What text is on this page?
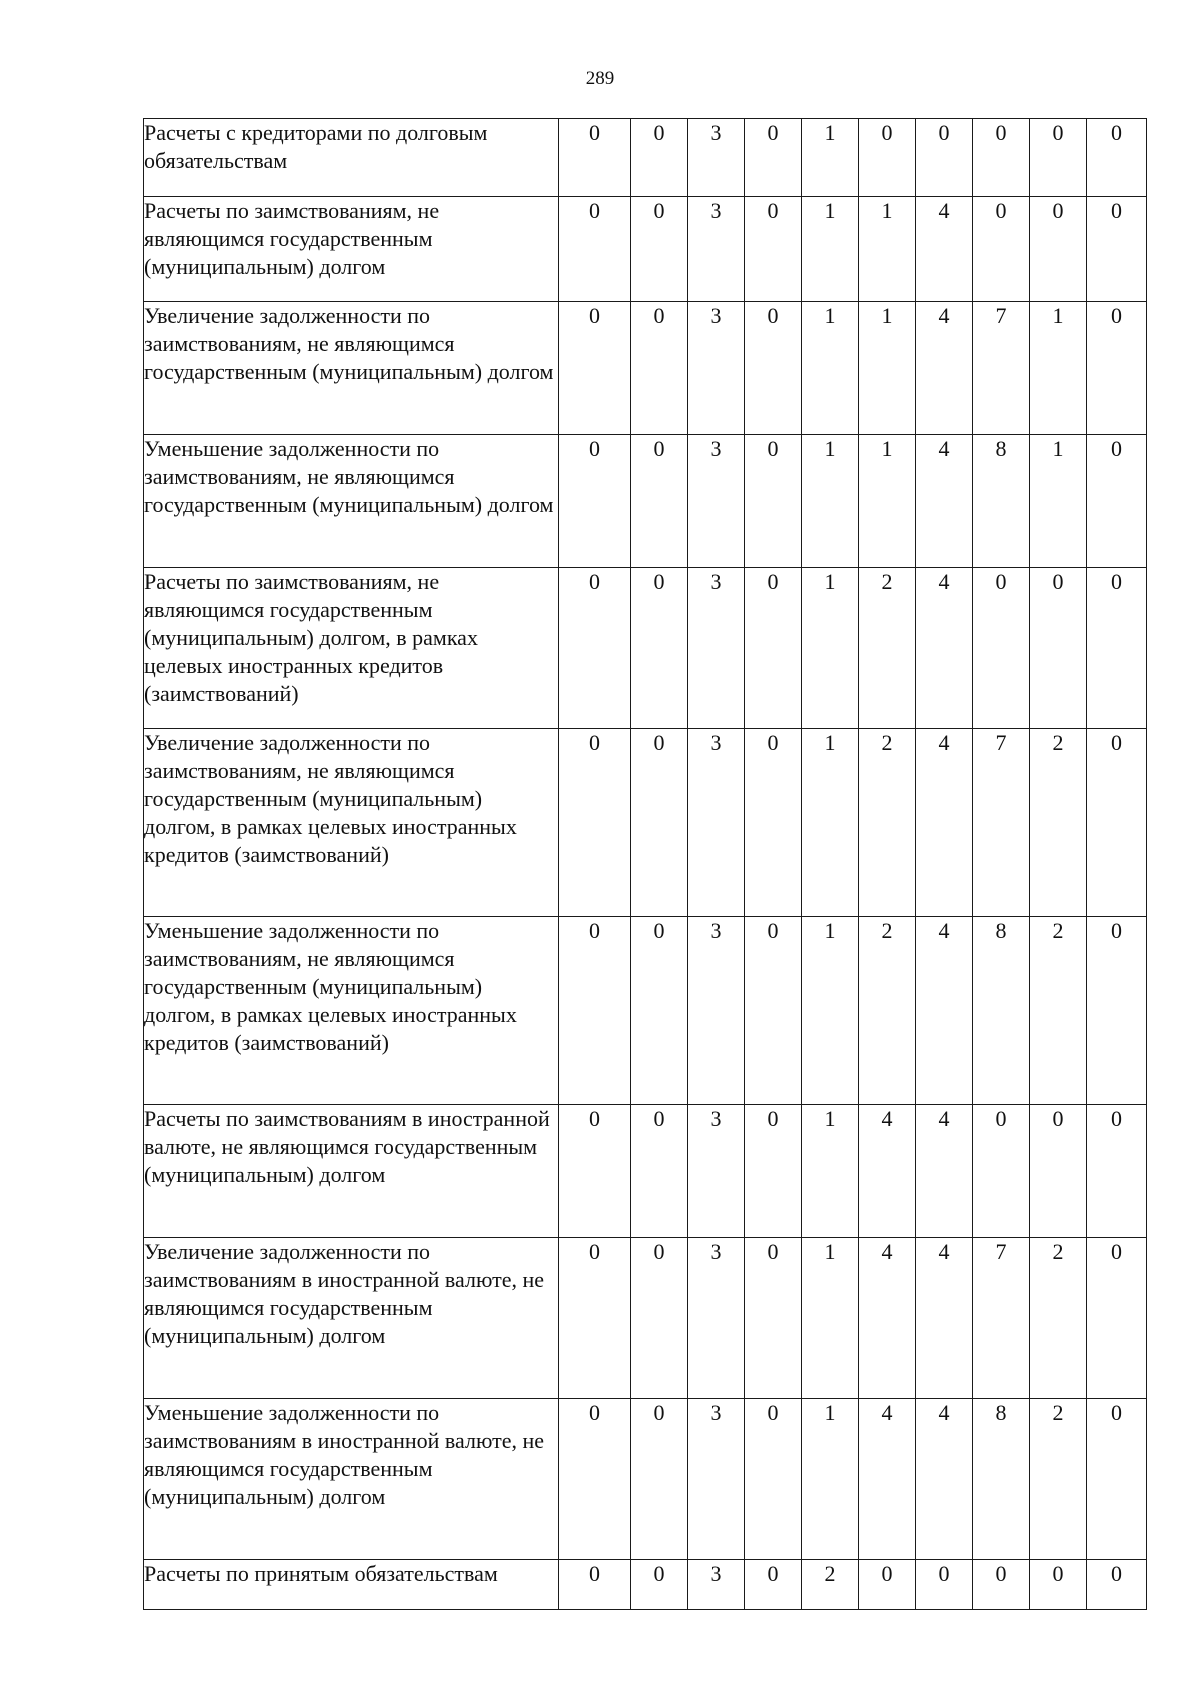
289
Расчеты с кредиторами по долговым обязательствам	0	0	3	0	1	0	0	0	0	0
Расчеты по заимствованиям, не являющимся государственным (муниципальным) долгом	0	0	3	0	1	1	4	0	0	0
Увеличение задолженности по заимствованиям, не являющимся государственным (муниципальным) долгом	0	0	3	0	1	1	4	7	1	0
Уменьшение задолженности по заимствованиям, не являющимся государственным (муниципальным) долгом	0	0	3	0	1	1	4	8	1	0
Расчеты по заимствованиям, не являющимся государственным (муниципальным) долгом, в рамках целевых иностранных кредитов (заимствований)	0	0	3	0	1	2	4	0	0	0
Увеличение задолженности по заимствованиям, не являющимся государственным (муниципальным) долгом, в рамках целевых иностранных кредитов (заимствований)	0	0	3	0	1	2	4	7	2	0
Уменьшение задолженности по заимствованиям, не являющимся государственным (муниципальным) долгом, в рамках целевых иностранных кредитов (заимствований)	0	0	3	0	1	2	4	8	2	0
Расчеты по заимствованиям в иностранной валюте, не являющимся государственным (муниципальным) долгом	0	0	3	0	1	4	4	0	0	0
Увеличение задолженности по заимствованиям в иностранной валюте, не являющимся государственным (муниципальным) долгом	0	0	3	0	1	4	4	7	2	0
Уменьшение задолженности по заимствованиям в иностранной валюте, не являющимся государственным (муниципальным) долгом	0	0	3	0	1	4	4	8	2	0
Расчеты по принятым обязательствам	0	0	3	0	2	0	0	0	0	0
